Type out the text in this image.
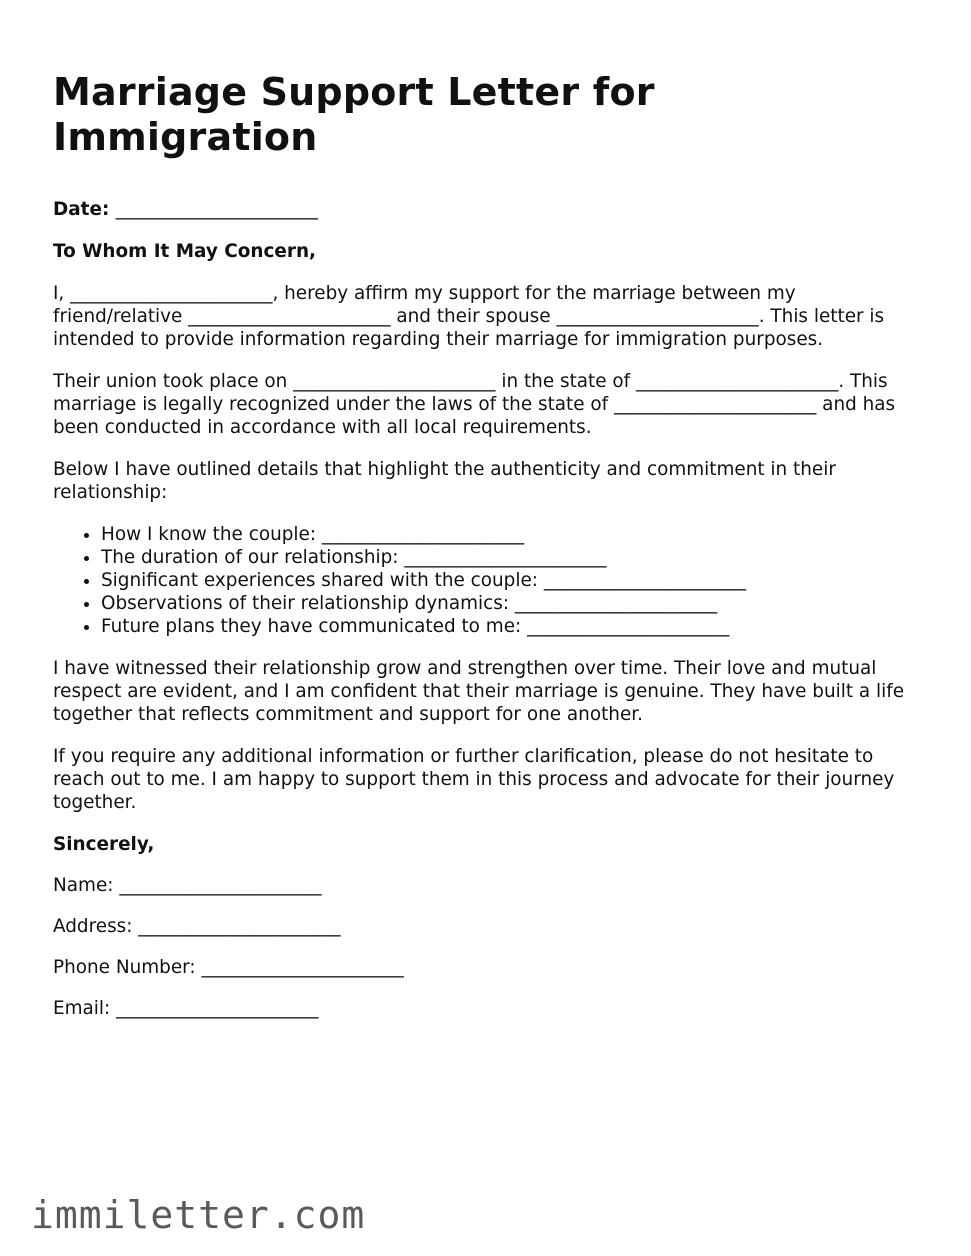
Marriage Support Letter for Immigration

Date: ______________________

To Whom It May Concern,

I, ______________________, hereby affirm my support for the marriage between my friend/relative ______________________ and their spouse ______________________. This letter is intended to provide information regarding their marriage for immigration purposes.

Their union took place on ______________________ in the state of ______________________. This marriage is legally recognized under the laws of the state of ______________________ and has been conducted in accordance with all local requirements.

Below I have outlined details that highlight the authenticity and commitment in their relationship:

• How I know the couple: ______________________
• The duration of our relationship: ______________________
• Significant experiences shared with the couple: ______________________
• Observations of their relationship dynamics: ______________________
• Future plans they have communicated to me: ______________________

I have witnessed their relationship grow and strengthen over time. Their love and mutual respect are evident, and I am confident that their marriage is genuine. They have built a life together that reflects commitment and support for one another.

If you require any additional information or further clarification, please do not hesitate to reach out to me. I am happy to support them in this process and advocate for their journey together.

Sincerely,

Name: ______________________

Address: ______________________

Phone Number: ______________________

Email: ______________________

immiletter.com
